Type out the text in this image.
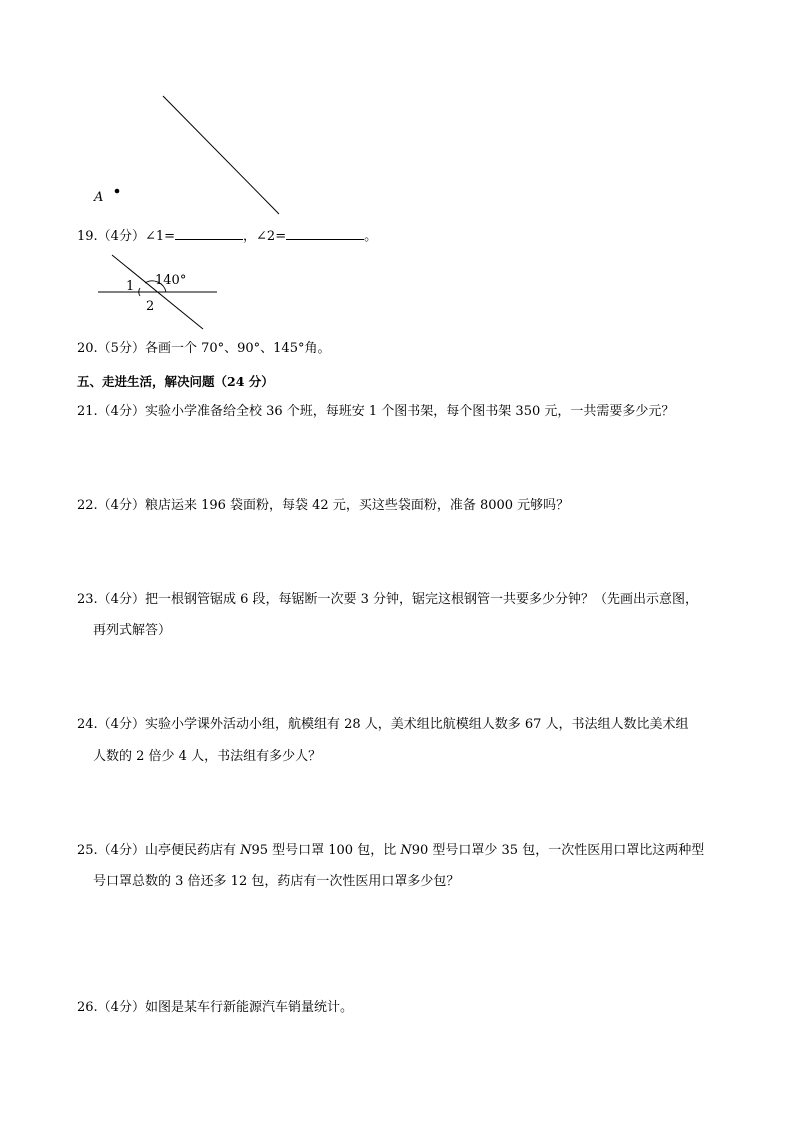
A
19.（4分）∠1=	，∠2=	。
140°
1
2
20.（5分）各画一个 70°、90°、145°角。
五、走进生活，解决问题（24 分）
21.（4分）实验小学准备给全校 36 个班，每班安 1 个图书架，每个图书架 350 元，一共需要多少元？
22.（4分）粮店运来 196 袋面粉，每袋 42 元，买这些袋面粉，准备 8000 元够吗？
23.（4分）把一根钢管锯成 6 段，每锯断一次要 3 分钟，锯完这根钢管一共要多少分钟？（先画出示意图，
再列式解答）
24.（4分）实验小学课外活动小组，航模组有 28 人，美术组比航模组人数多 67 人，书法组人数比美术组
人数的 2 倍少 4 人，书法组有多少人？
25.（4分）山亭便民药店有 N95 型号口罩 100 包，比 N90 型号口罩少 35 包，一次性医用口罩比这两种型
号口罩总数的 3 倍还多 12 包，药店有一次性医用口罩多少包？
26.（4分）如图是某车行新能源汽车销量统计。
